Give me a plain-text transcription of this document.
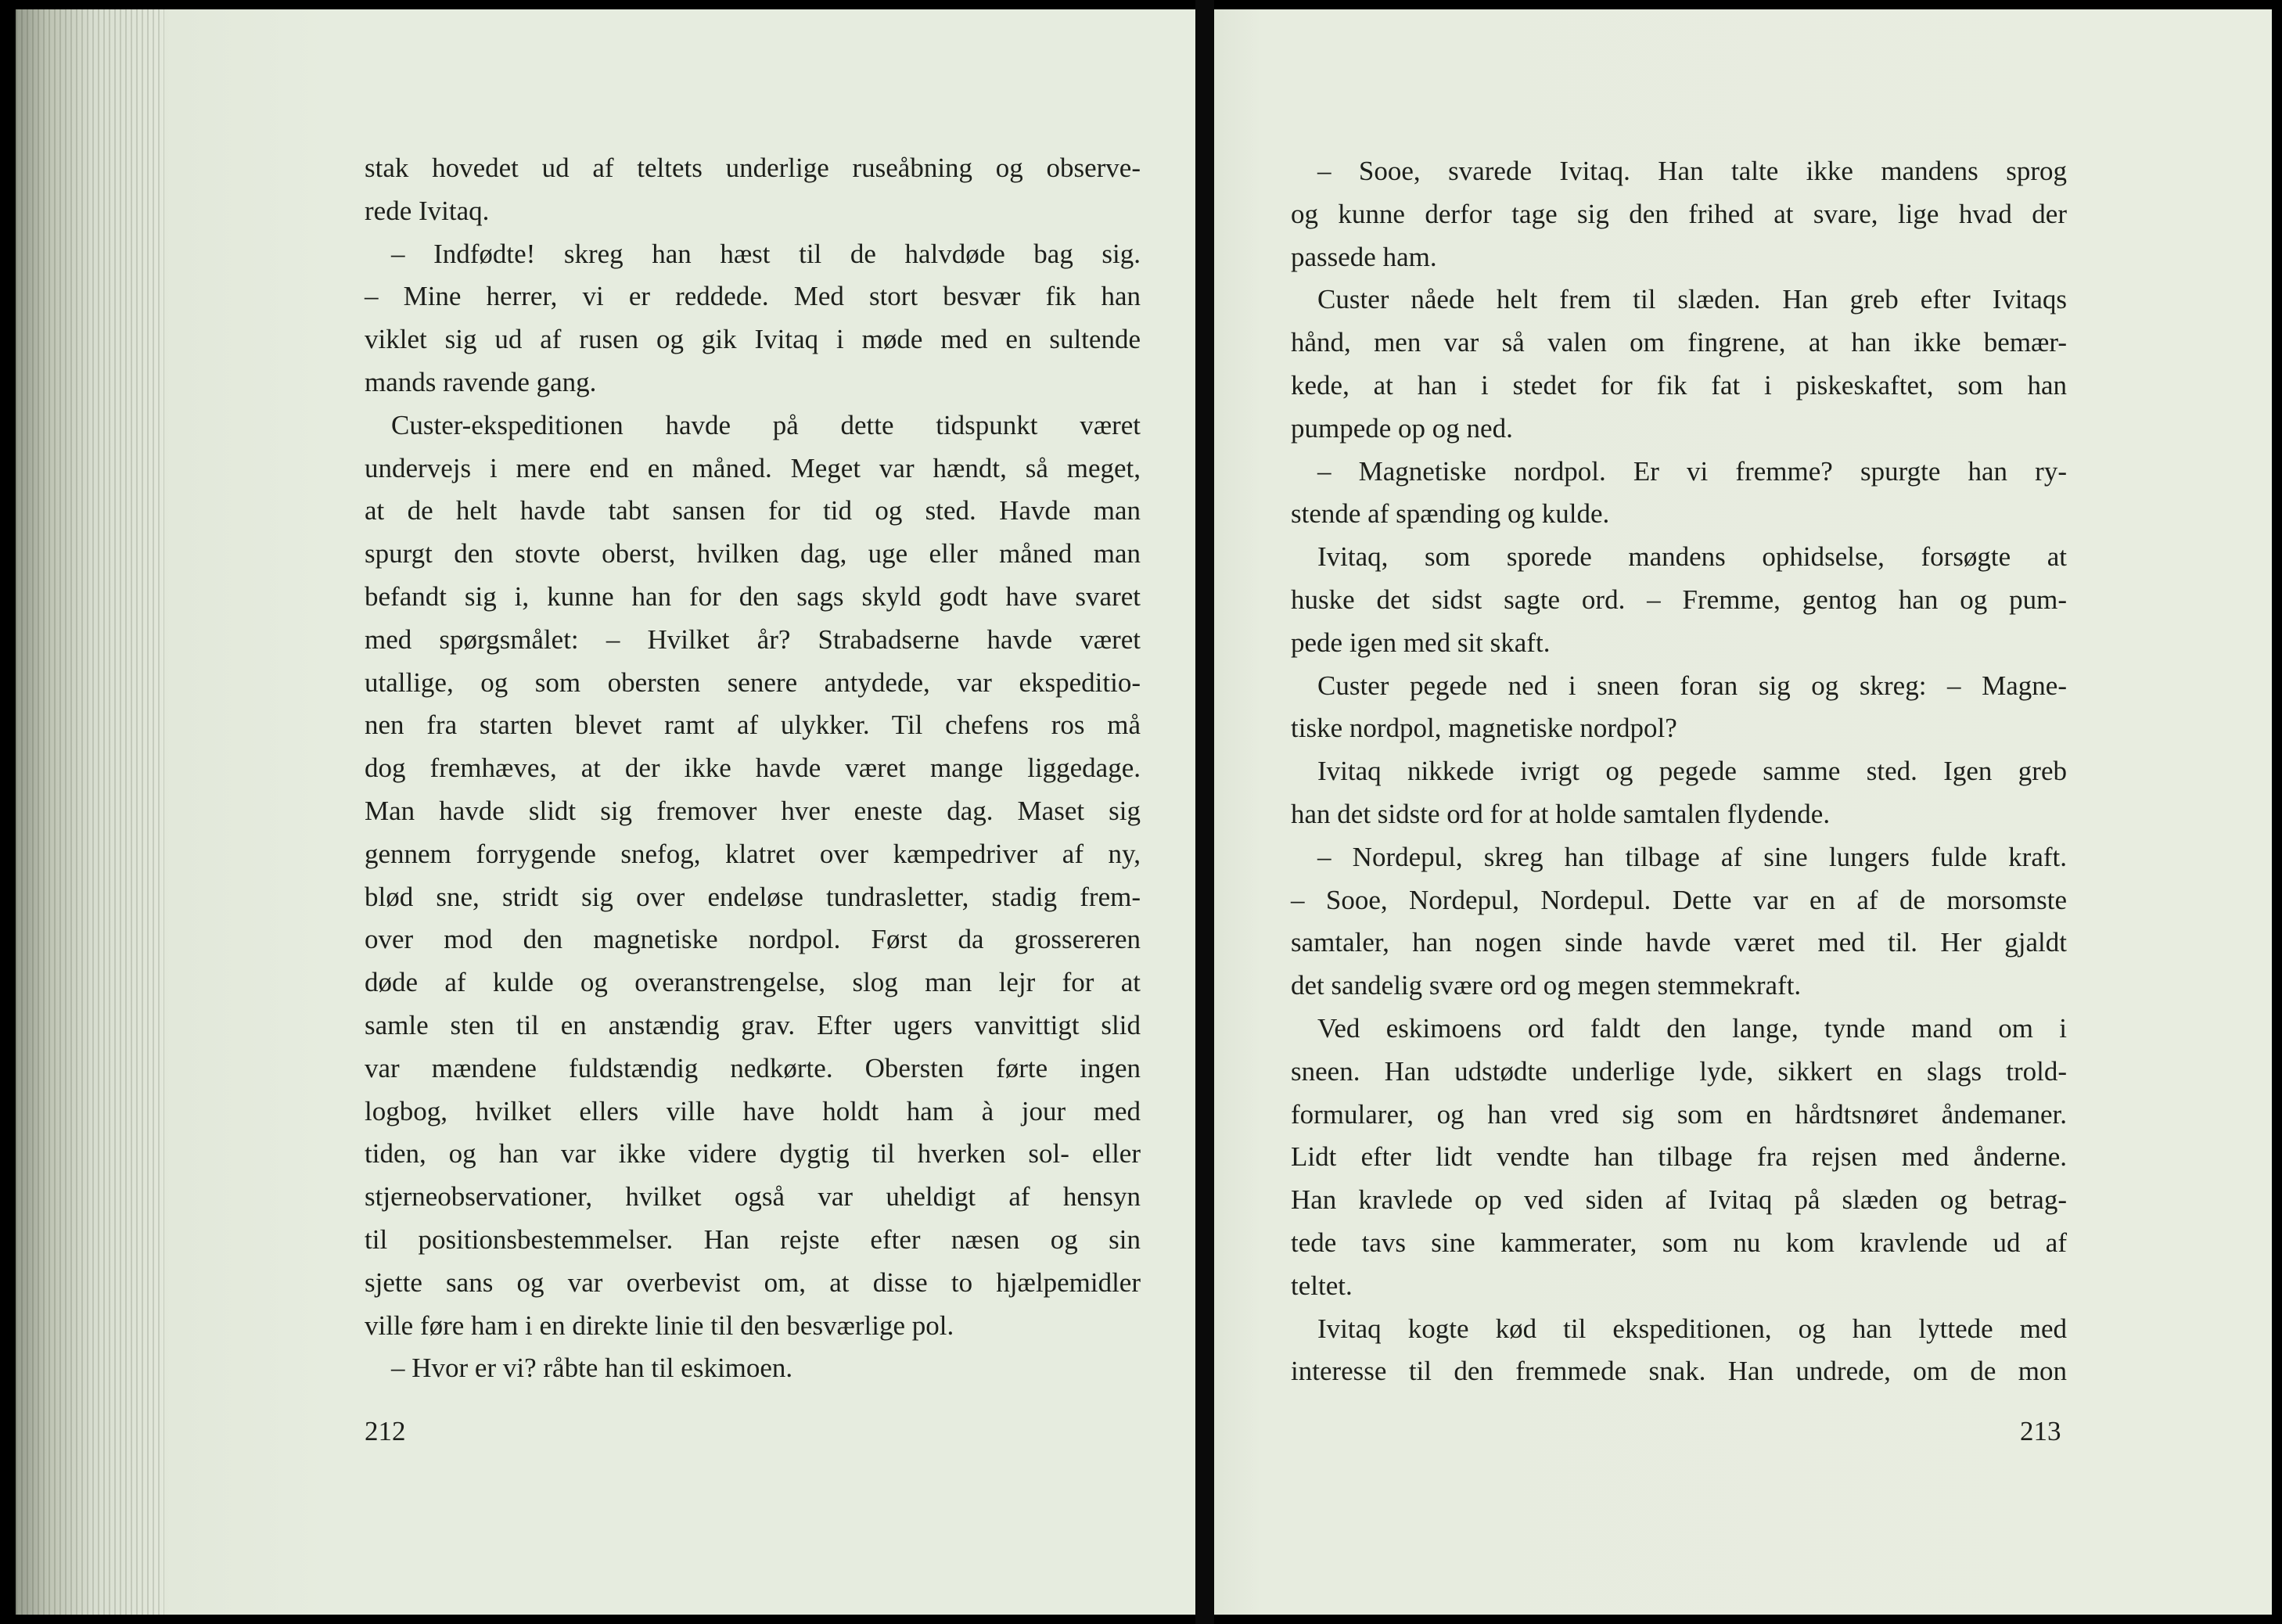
stak hovedet ud af teltets underlige ruseåbning og observe-
rede Ivitaq.
– Indfødte! skreg han hæst til de halvdøde bag sig.
– Mine herrer, vi er reddede. Med stort besvær fik han
viklet sig ud af rusen og gik Ivitaq i møde med en sultende
mands ravende gang.
Custer-ekspeditionen havde på dette tidspunkt været
undervejs i mere end en måned. Meget var hændt, så meget,
at de helt havde tabt sansen for tid og sted. Havde man
spurgt den stovte oberst, hvilken dag, uge eller måned man
befandt sig i, kunne han for den sags skyld godt have svaret
med spørgsmålet: – Hvilket år? Strabadserne havde været
utallige, og som obersten senere antydede, var ekspeditio-
nen fra starten blevet ramt af ulykker. Til chefens ros må
dog fremhæves, at der ikke havde været mange liggedage.
Man havde slidt sig fremover hver eneste dag. Maset sig
gennem forrygende snefog, klatret over kæmpedriver af ny,
blød sne, stridt sig over endeløse tundrasletter, stadig frem-
over mod den magnetiske nordpol. Først da grossereren
døde af kulde og overanstrengelse, slog man lejr for at
samle sten til en anstændig grav. Efter ugers vanvittigt slid
var mændene fuldstændig nedkørte. Obersten førte ingen
logbog, hvilket ellers ville have holdt ham à jour med
tiden, og han var ikke videre dygtig til hverken sol- eller
stjerneobservationer, hvilket også var uheldigt af hensyn
til positionsbestemmelser. Han rejste efter næsen og sin
sjette sans og var overbevist om, at disse to hjælpemidler
ville føre ham i en direkte linie til den besværlige pol.
– Hvor er vi? råbte han til eskimoen.
212
– Sooe, svarede Ivitaq. Han talte ikke mandens sprog
og kunne derfor tage sig den frihed at svare, lige hvad der
passede ham.
Custer nåede helt frem til slæden. Han greb efter Ivitaqs
hånd, men var så valen om fingrene, at han ikke bemær-
kede, at han i stedet for fik fat i piskeskaftet, som han
pumpede op og ned.
– Magnetiske nordpol. Er vi fremme? spurgte han ry-
stende af spænding og kulde.
Ivitaq, som sporede mandens ophidselse, forsøgte at
huske det sidst sagte ord. – Fremme, gentog han og pum-
pede igen med sit skaft.
Custer pegede ned i sneen foran sig og skreg: – Magne-
tiske nordpol, magnetiske nordpol?
Ivitaq nikkede ivrigt og pegede samme sted. Igen greb
han det sidste ord for at holde samtalen flydende.
– Nordepul, skreg han tilbage af sine lungers fulde kraft.
– Sooe, Nordepul, Nordepul. Dette var en af de morsomste
samtaler, han nogen sinde havde været med til. Her gjaldt
det sandelig svære ord og megen stemmekraft.
Ved eskimoens ord faldt den lange, tynde mand om i
sneen. Han udstødte underlige lyde, sikkert en slags trold-
formularer, og han vred sig som en hårdtsnøret åndemaner.
Lidt efter lidt vendte han tilbage fra rejsen med ånderne.
Han kravlede op ved siden af Ivitaq på slæden og betrag-
tede tavs sine kammerater, som nu kom kravlende ud af
teltet.
Ivitaq kogte kød til ekspeditionen, og han lyttede med
interesse til den fremmede snak. Han undrede, om de mon
213
